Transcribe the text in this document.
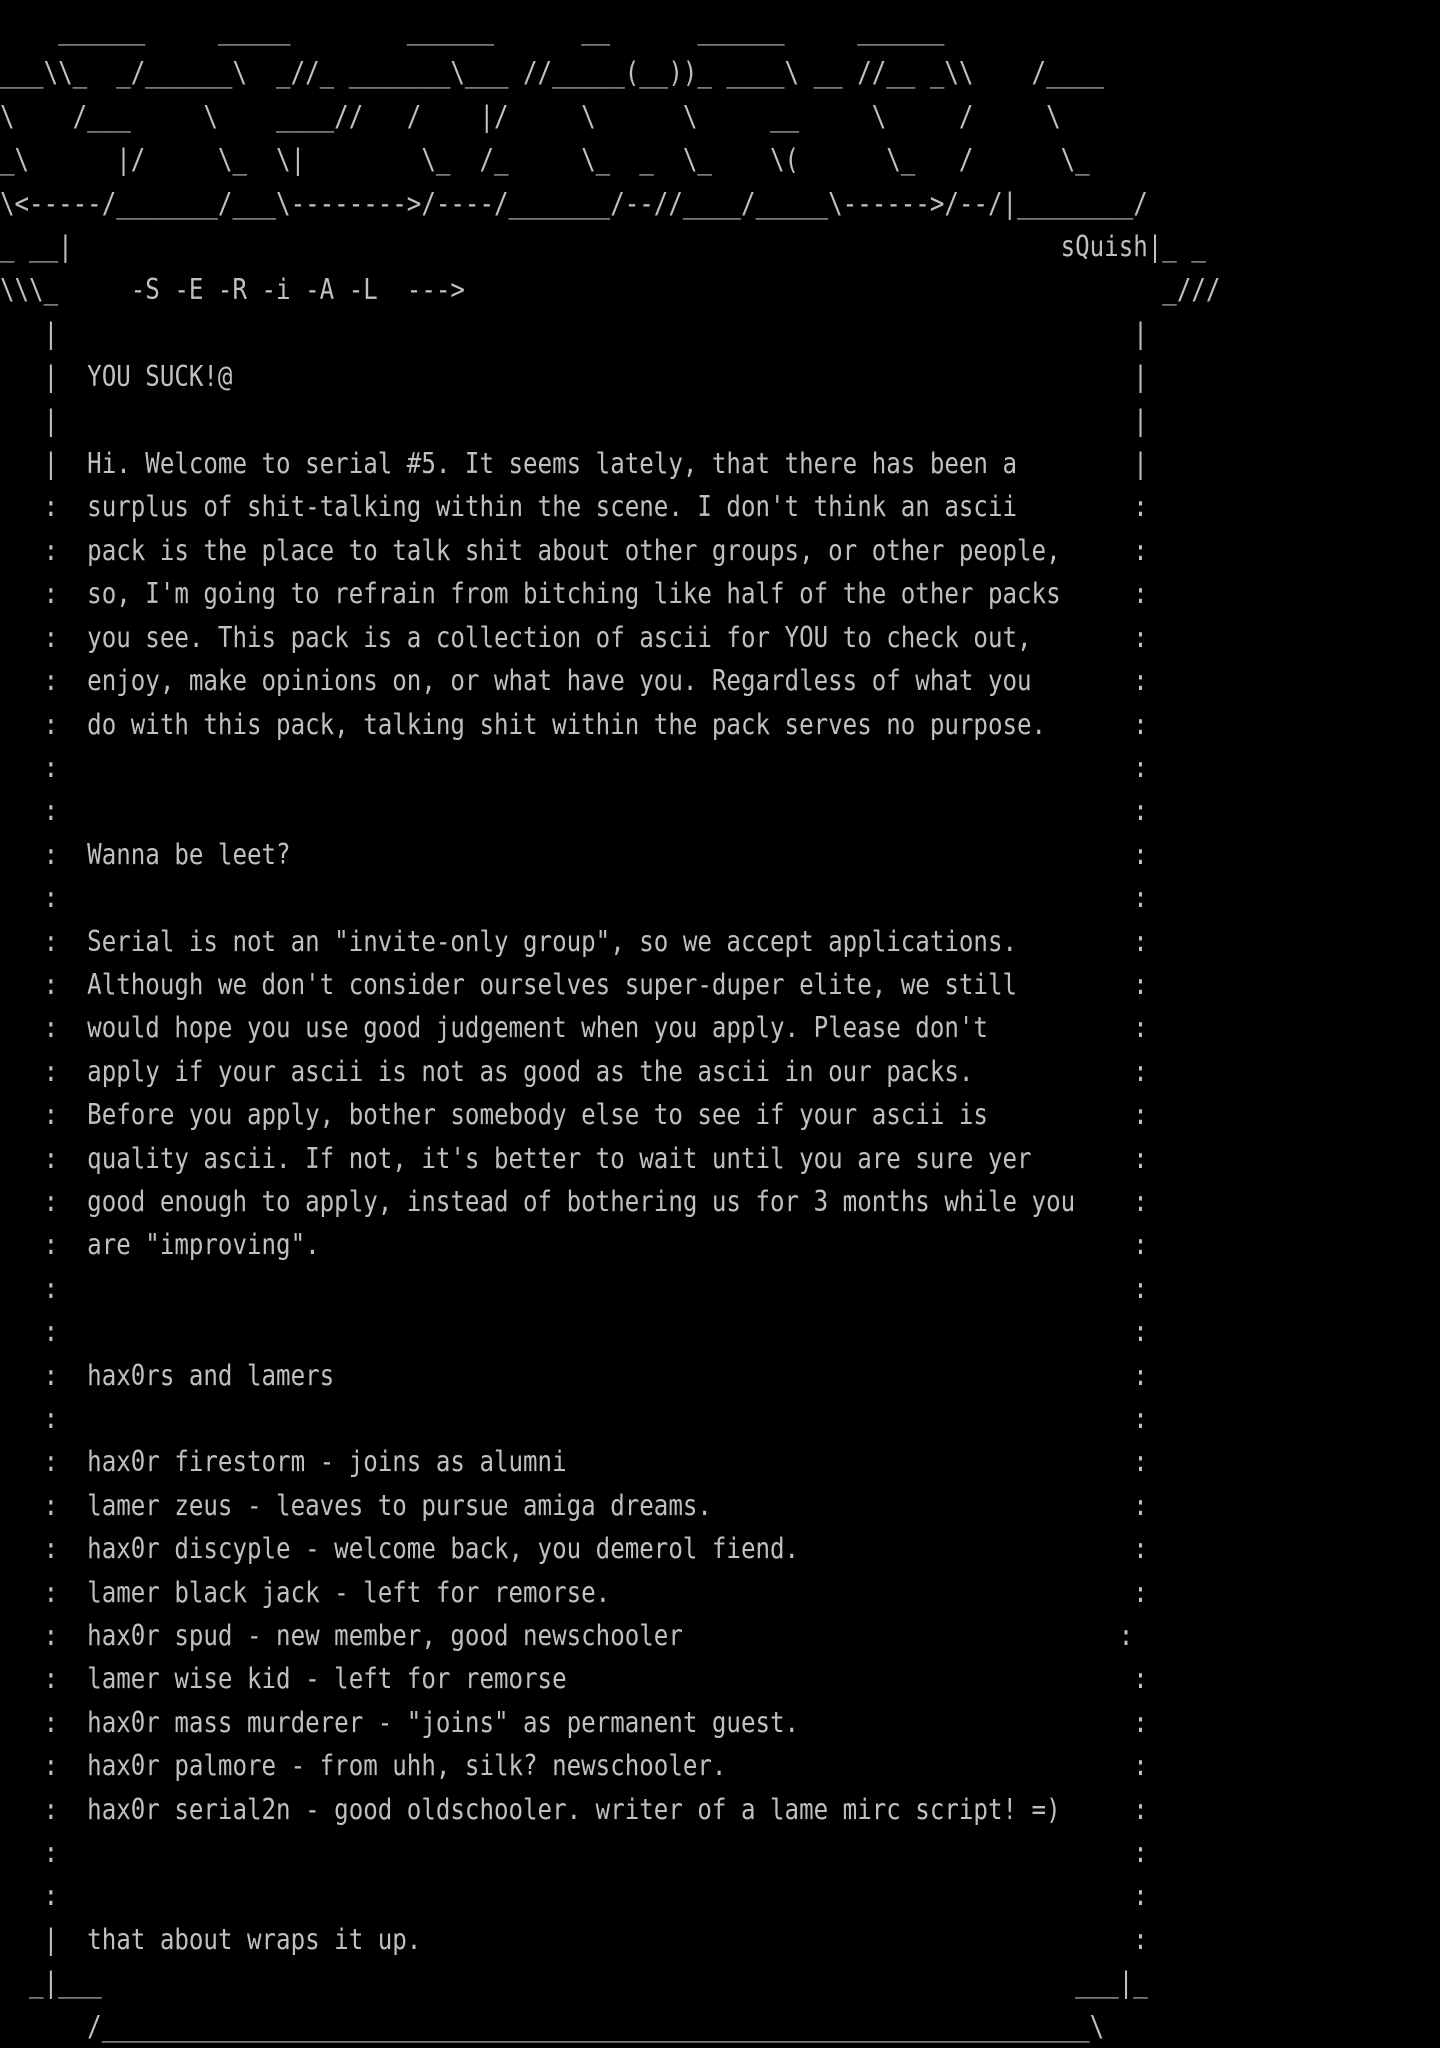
______     _____        ______      __      ______     ______
___\\_  _/______\  _//_ _______\___ //_____(__))_ ____\ __ //__ _\\    /____
\    /___     \    ____//   /    |/     \      \     __     \     /     \
_\      |/     \_  \|        \_  /_     \_  _  \_    \(      \_   /      \_
\<-----/_______/___\-------->/----/_______/--//____/_____\------>/--/|________/
_ __|                                                                    sQuish|_ _
\\\_     -S -E -R -i -A -L  --->                                                _///
|                                                                          |
|  YOU SUCK!@                                                              |
|                                                                          |
|  Hi. Welcome to serial #5. It seems lately, that there has been a        |
:  surplus of shit-talking within the scene. I don't think an ascii        :
:  pack is the place to talk shit about other groups, or other people,     :
:  so, I'm going to refrain from bitching like half of the other packs     :
:  you see. This pack is a collection of ascii for YOU to check out,       :
:  enjoy, make opinions on, or what have you. Regardless of what you       :
:  do with this pack, talking shit within the pack serves no purpose.      :
:                                                                          :
:                                                                          :
:  Wanna be leet?                                                          :
:                                                                          :
:  Serial is not an "invite-only group", so we accept applications.        :
:  Although we don't consider ourselves super-duper elite, we still        :
:  would hope you use good judgement when you apply. Please don't          :
:  apply if your ascii is not as good as the ascii in our packs.           :
:  Before you apply, bother somebody else to see if your ascii is          :
:  quality ascii. If not, it's better to wait until you are sure yer       :
:  good enough to apply, instead of bothering us for 3 months while you    :
:  are "improving".                                                        :
:                                                                          :
:                                                                          :
:  hax0rs and lamers                                                       :
:                                                                          :
:  hax0r firestorm - joins as alumni                                       :
:  lamer zeus - leaves to pursue amiga dreams.                             :
:  hax0r discyple - welcome back, you demerol fiend.                       :
:  lamer black jack - left for remorse.                                    :
:  hax0r spud - new member, good newschooler                              :
:  lamer wise kid - left for remorse                                       :
:  hax0r mass murderer - "joins" as permanent guest.                       :
:  hax0r palmore - from uhh, silk? newschooler.                            :
:  hax0r serial2n - good oldschooler. writer of a lame mirc script! =)     :
:                                                                          :
:                                                                          :
|  that about wraps it up.                                                 :
_|___                                                                   ___|_
/____________________________________________________________________\
